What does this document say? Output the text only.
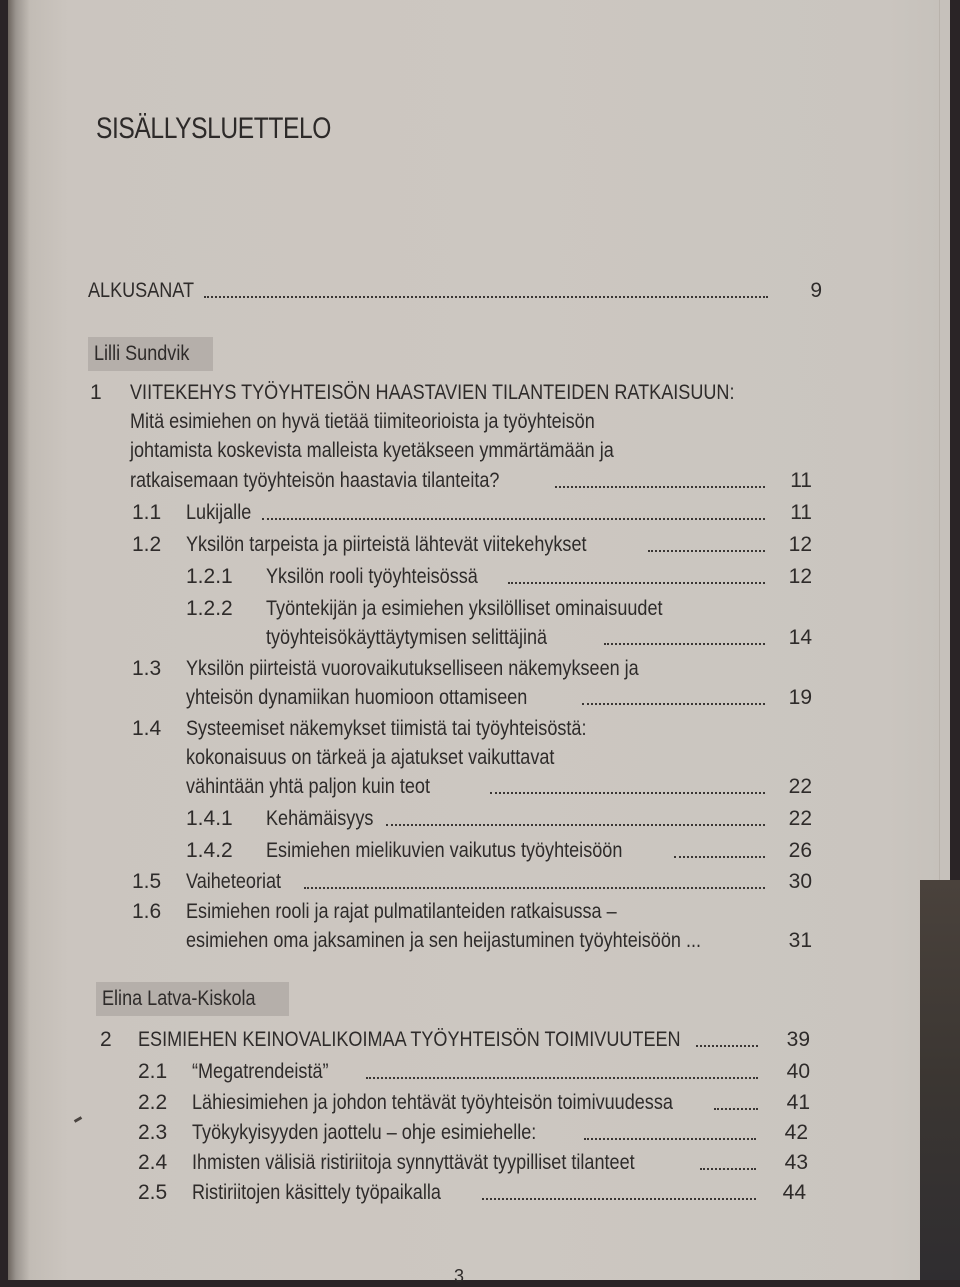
SISÄLLYSLUETTELO
ALKUSANAT	9
Lilli Sundvik
1 VIITEKEHYS TYÖYHTEISÖN HAASTAVIEN TILANTEIDEN RATKAISUUN:
Mitä esimiehen on hyvä tietää tiimiteorioista ja työyhteisön
johtamista koskevista malleista kyetäkseen ymmärtämään ja
ratkaisemaan työyhteisön haastavia tilanteita?	11
1.1 Lukijalle	11
1.2 Yksilön tarpeista ja piirteistä lähtevät viitekehykset	12
1.2.1 Yksilön rooli työyhteisössä	12
1.2.2 Työntekijän ja esimiehen yksilölliset ominaisuudet
työyhteisökäyttäytymisen selittäjinä	14
1.3 Yksilön piirteistä vuorovaikutukselliseen näkemykseen ja
yhteisön dynamiikan huomioon ottamiseen	19
1.4 Systeemiset näkemykset tiimistä tai työyhteisöstä:
kokonaisuus on tärkeä ja ajatukset vaikuttavat
vähintään yhtä paljon kuin teot	22
1.4.1 Kehämäisyys	22
1.4.2 Esimiehen mielikuvien vaikutus työyhteisöön	26
1.5 Vaiheteoriat	30
1.6 Esimiehen rooli ja rajat pulmatilanteiden ratkaisussa –
esimiehen oma jaksaminen ja sen heijastuminen työyhteisöön ...	31
Elina Latva-Kiskola
2 ESIMIEHEN KEINOVALIKOIMAA TYÖYHTEISÖN TOIMIVUUTEEN	39
2.1 “Megatrendeistä”	40
2.2 Lähiesimiehen ja johdon tehtävät työyhteisön toimivuudessa	41
2.3 Työkykyisyyden jaottelu – ohje esimiehelle:	42
2.4 Ihmisten välisiä ristiriitoja synnyttävät tyypilliset tilanteet	43
2.5 Ristiriitojen käsittely työpaikalla	44
3
